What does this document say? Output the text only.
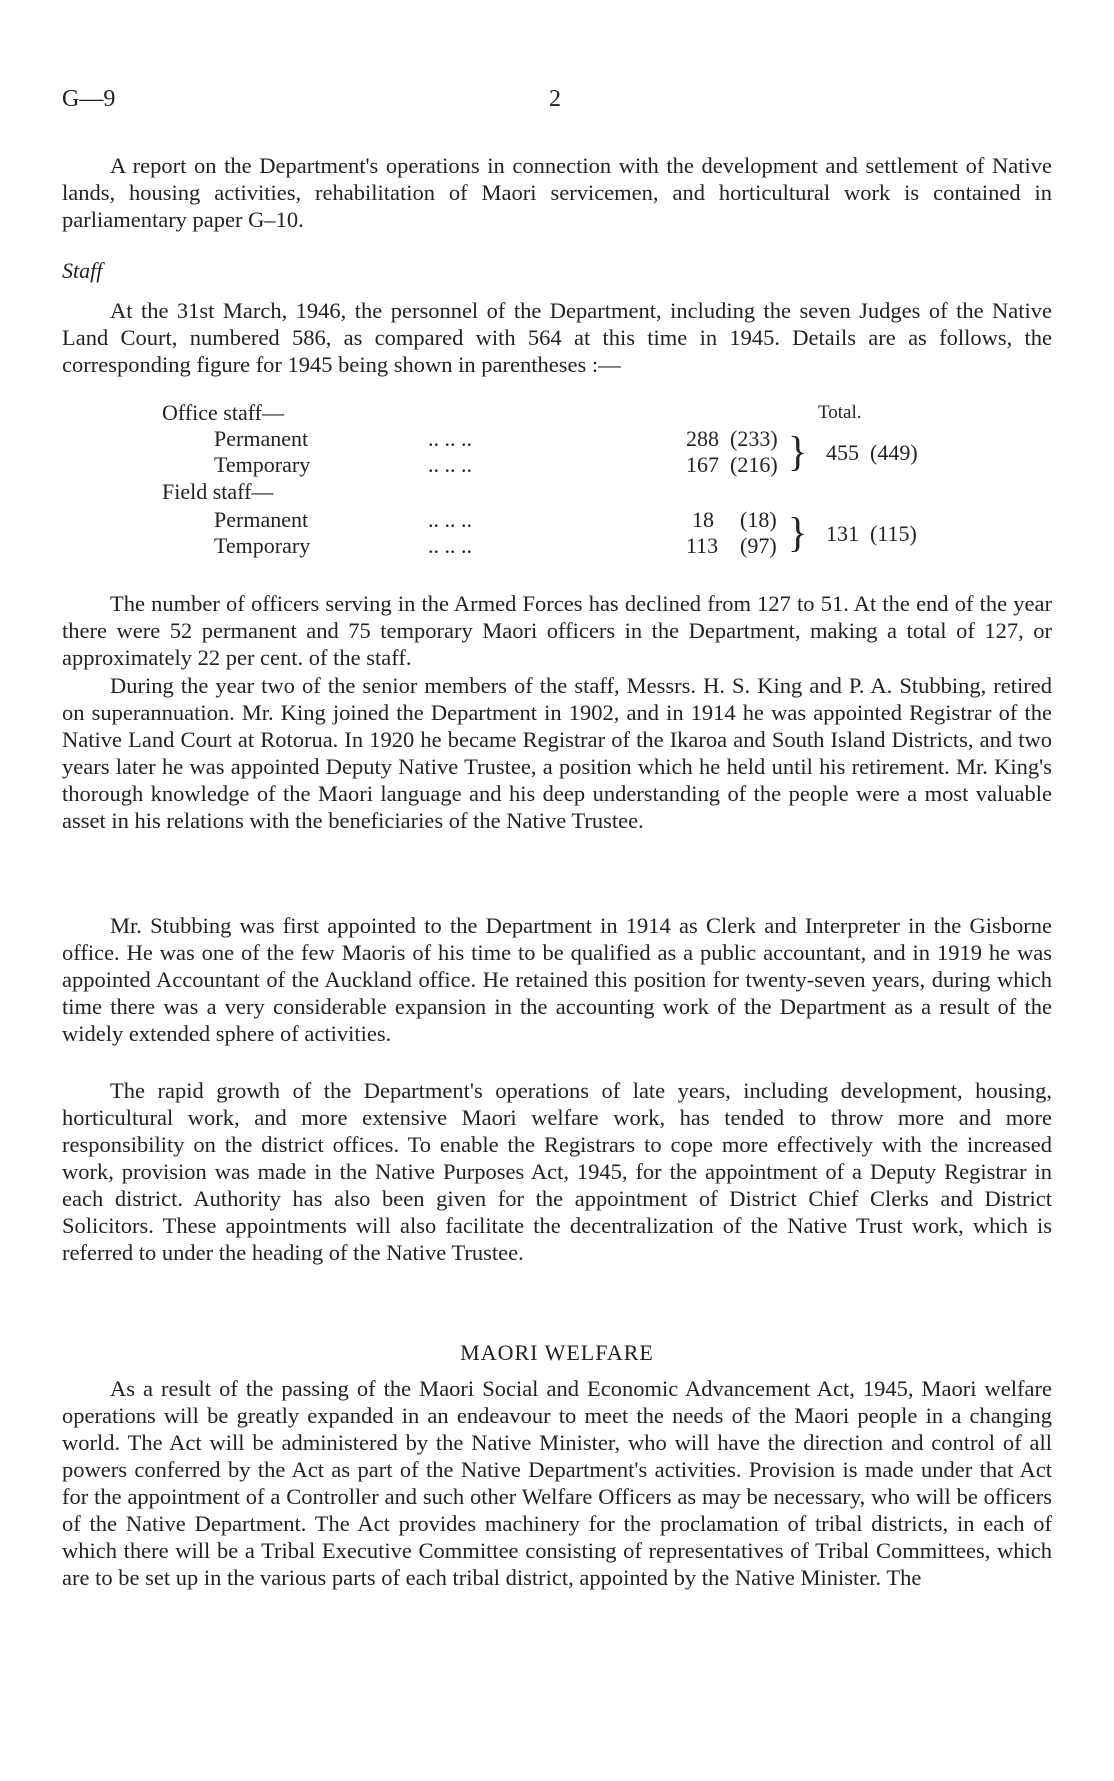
G—9	2

A report on the Department's operations in connection with the development and settlement of Native lands, housing activities, rehabilitation of Maori servicemen, and horticultural work is contained in parliamentary paper G–10.

Staff

At the 31st March, 1946, the personnel of the Department, including the seven Judges of the Native Land Court, numbered 586, as compared with 564 at this time in 1945. Details are as follows, the corresponding figure for 1945 being shown in parentheses :—

Total.
Office staff—
Permanent	.. .. ..	288 (233)
Temporary	.. .. ..	167 (216) } 455 (449)
Field staff—
Permanent	.. .. ..	18 (18)
Temporary	.. .. ..	113 (97) } 131 (115)

The number of officers serving in the Armed Forces has declined from 127 to 51. At the end of the year there were 52 permanent and 75 temporary Maori officers in the Department, making a total of 127, or approximately 22 per cent. of the staff.

During the year two of the senior members of the staff, Messrs. H. S. King and P. A. Stubbing, retired on superannuation. Mr. King joined the Department in 1902, and in 1914 he was appointed Registrar of the Native Land Court at Rotorua. In 1920 he became Registrar of the Ikaroa and South Island Districts, and two years later he was appointed Deputy Native Trustee, a position which he held until his retirement. Mr. King's thorough knowledge of the Maori language and his deep understanding of the people were a most valuable asset in his relations with the beneficiaries of the Native Trustee.

Mr. Stubbing was first appointed to the Department in 1914 as Clerk and Interpreter in the Gisborne office. He was one of the few Maoris of his time to be qualified as a public accountant, and in 1919 he was appointed Accountant of the Auckland office. He retained this position for twenty-seven years, during which time there was a very considerable expansion in the accounting work of the Department as a result of the widely extended sphere of activities.

The rapid growth of the Department's operations of late years, including development, housing, horticultural work, and more extensive Maori welfare work, has tended to throw more and more responsibility on the district offices. To enable the Registrars to cope more effectively with the increased work, provision was made in the Native Purposes Act, 1945, for the appointment of a Deputy Registrar in each district. Authority has also been given for the appointment of District Chief Clerks and District Solicitors. These appointments will also facilitate the decentralization of the Native Trust work, which is referred to under the heading of the Native Trustee.

MAORI WELFARE

As a result of the passing of the Maori Social and Economic Advancement Act, 1945, Maori welfare operations will be greatly expanded in an endeavour to meet the needs of the Maori people in a changing world. The Act will be administered by the Native Minister, who will have the direction and control of all powers conferred by the Act as part of the Native Department's activities. Provision is made under that Act for the appointment of a Controller and such other Welfare Officers as may be necessary, who will be officers of the Native Department. The Act provides machinery for the proclamation of tribal districts, in each of which there will be a Tribal Executive Committee consisting of representatives of Tribal Committees, which are to be set up in the various parts of each tribal district, appointed by the Native Minister. The
